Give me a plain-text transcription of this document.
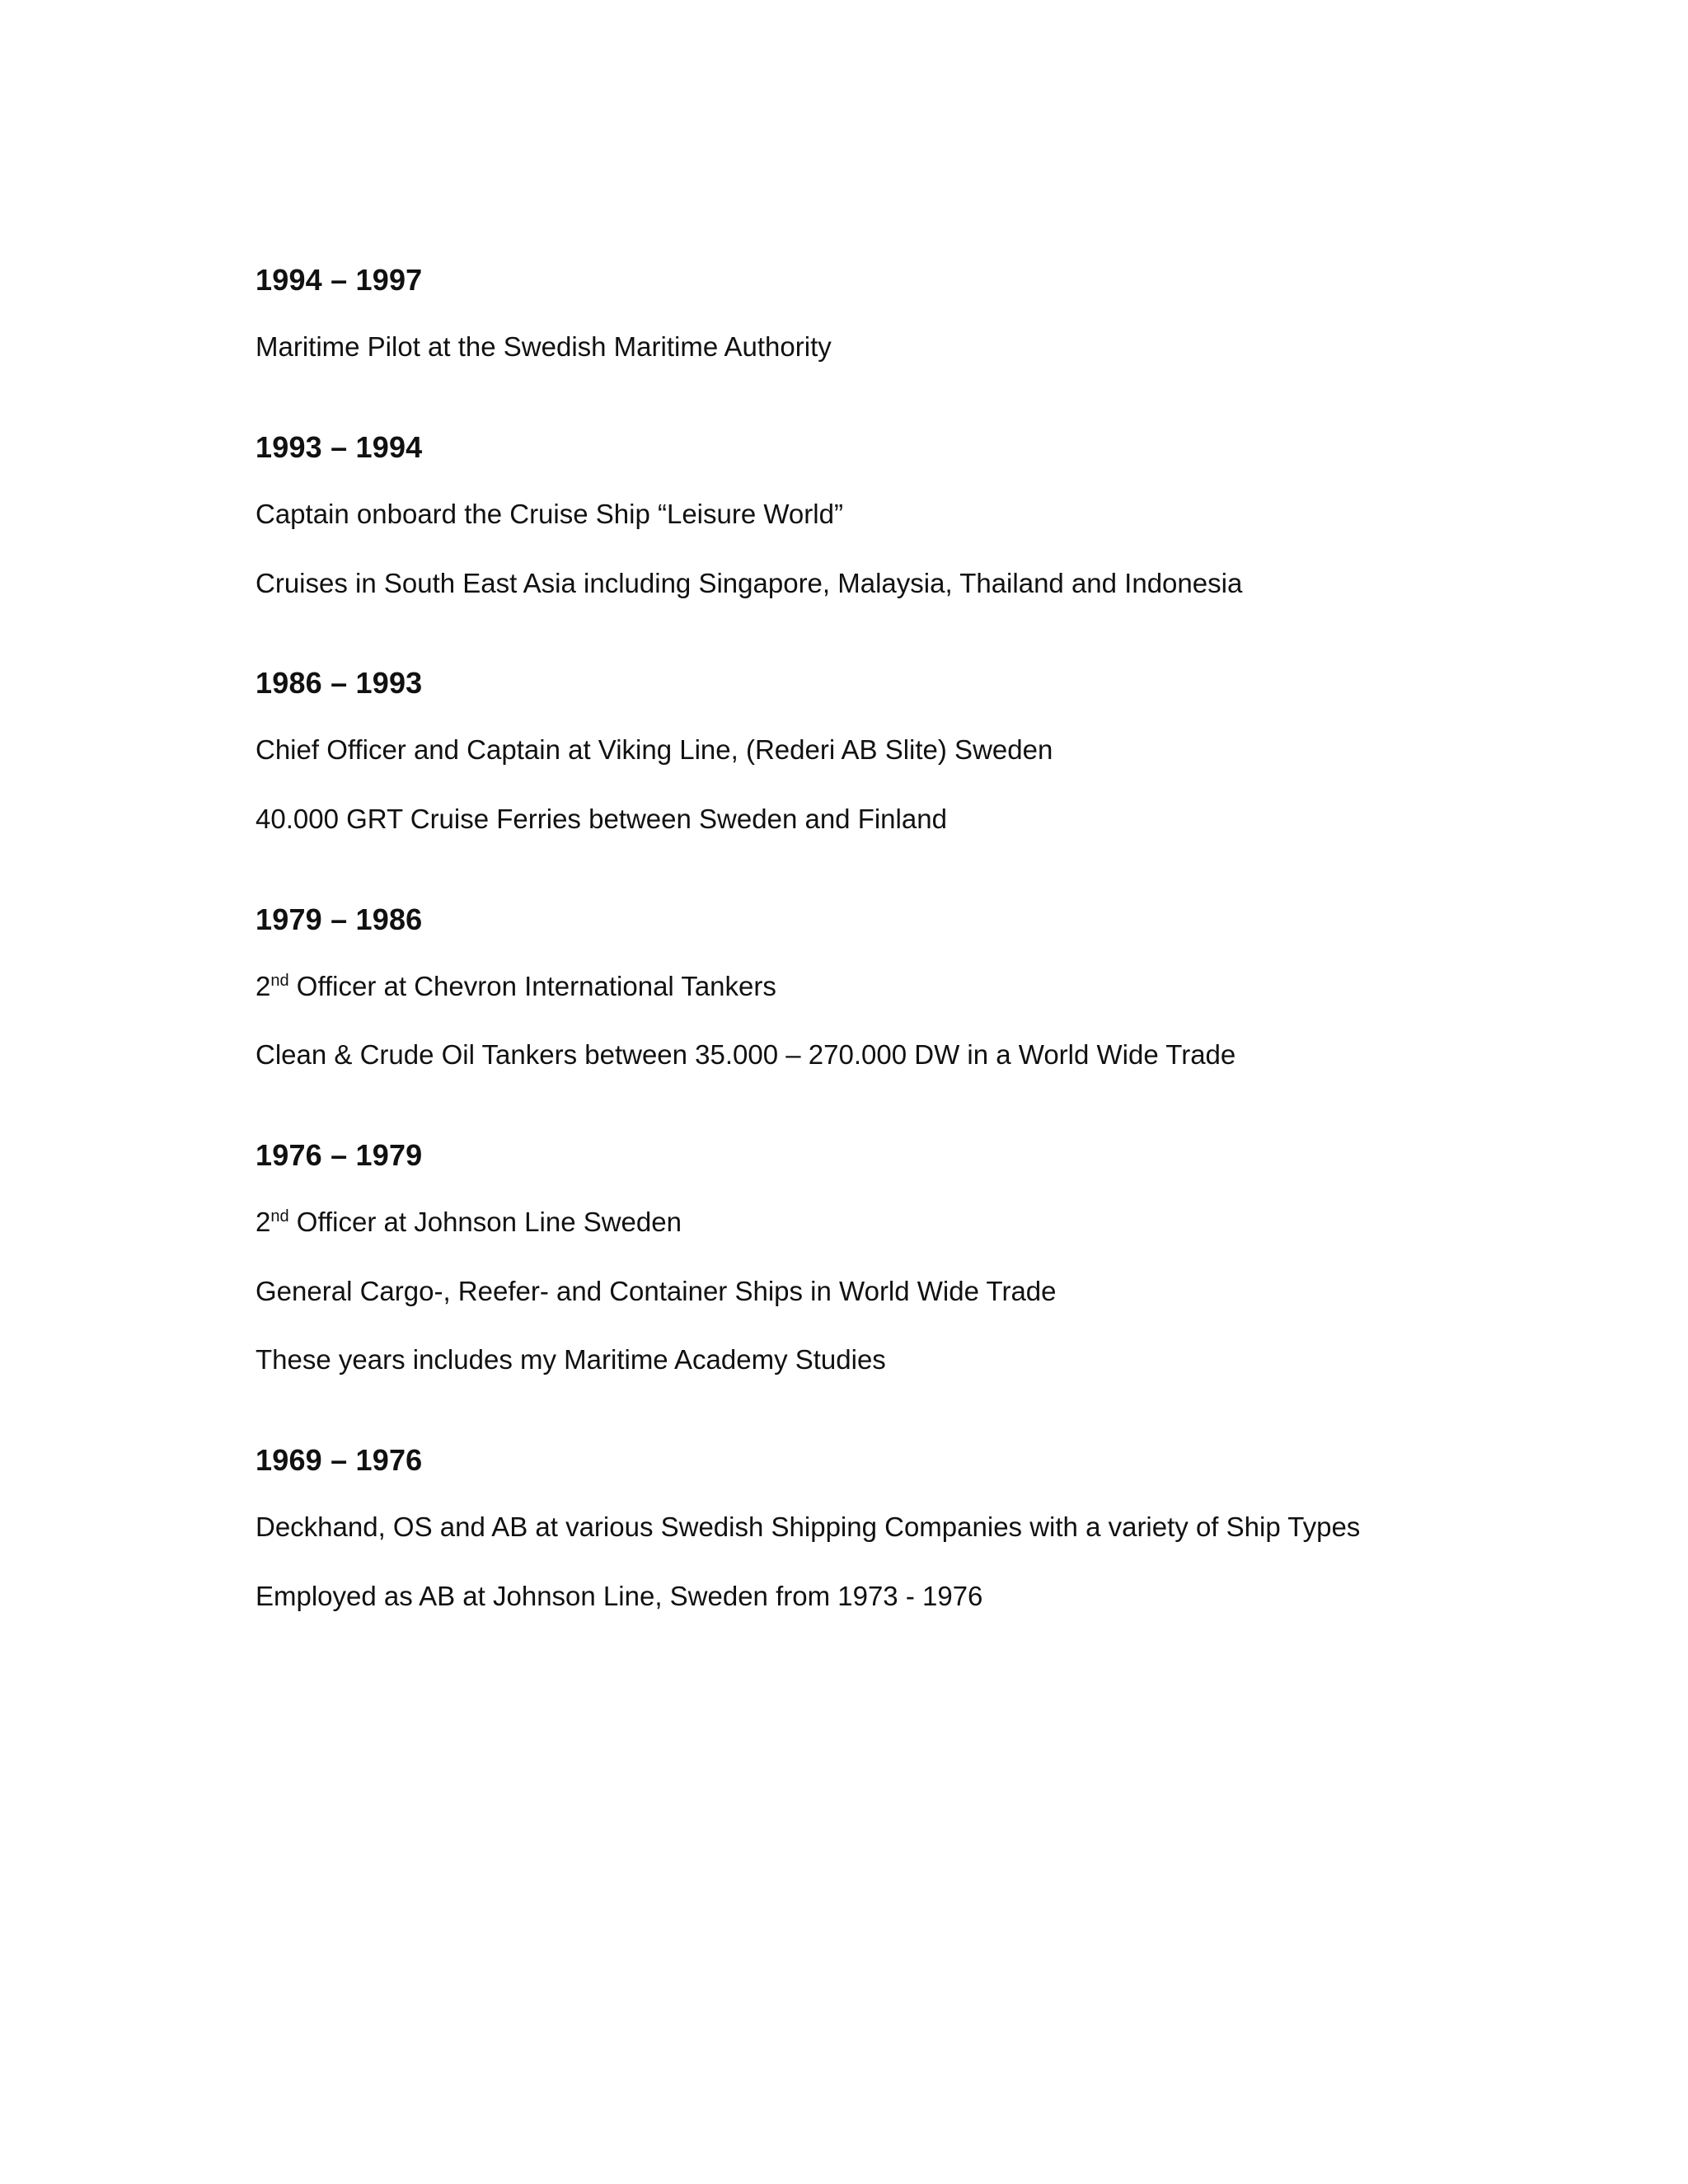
1994 – 1997

Maritime Pilot at the Swedish Maritime Authority

1993 – 1994

Captain onboard the Cruise Ship “Leisure World”

Cruises in South East Asia including Singapore, Malaysia, Thailand and Indonesia

1986 – 1993

Chief Officer and Captain at Viking Line, (Rederi AB Slite) Sweden

40.000 GRT Cruise Ferries between Sweden and Finland

1979 – 1986

2nd Officer at Chevron International Tankers

Clean & Crude Oil Tankers between 35.000 – 270.000 DW in a World Wide Trade

1976 – 1979

2nd Officer at Johnson Line Sweden

General Cargo-, Reefer- and Container Ships in World Wide Trade

These years includes my Maritime Academy Studies

1969 – 1976

Deckhand, OS and AB at various Swedish Shipping Companies with a variety of Ship Types

Employed as AB at Johnson Line, Sweden from 1973 - 1976
